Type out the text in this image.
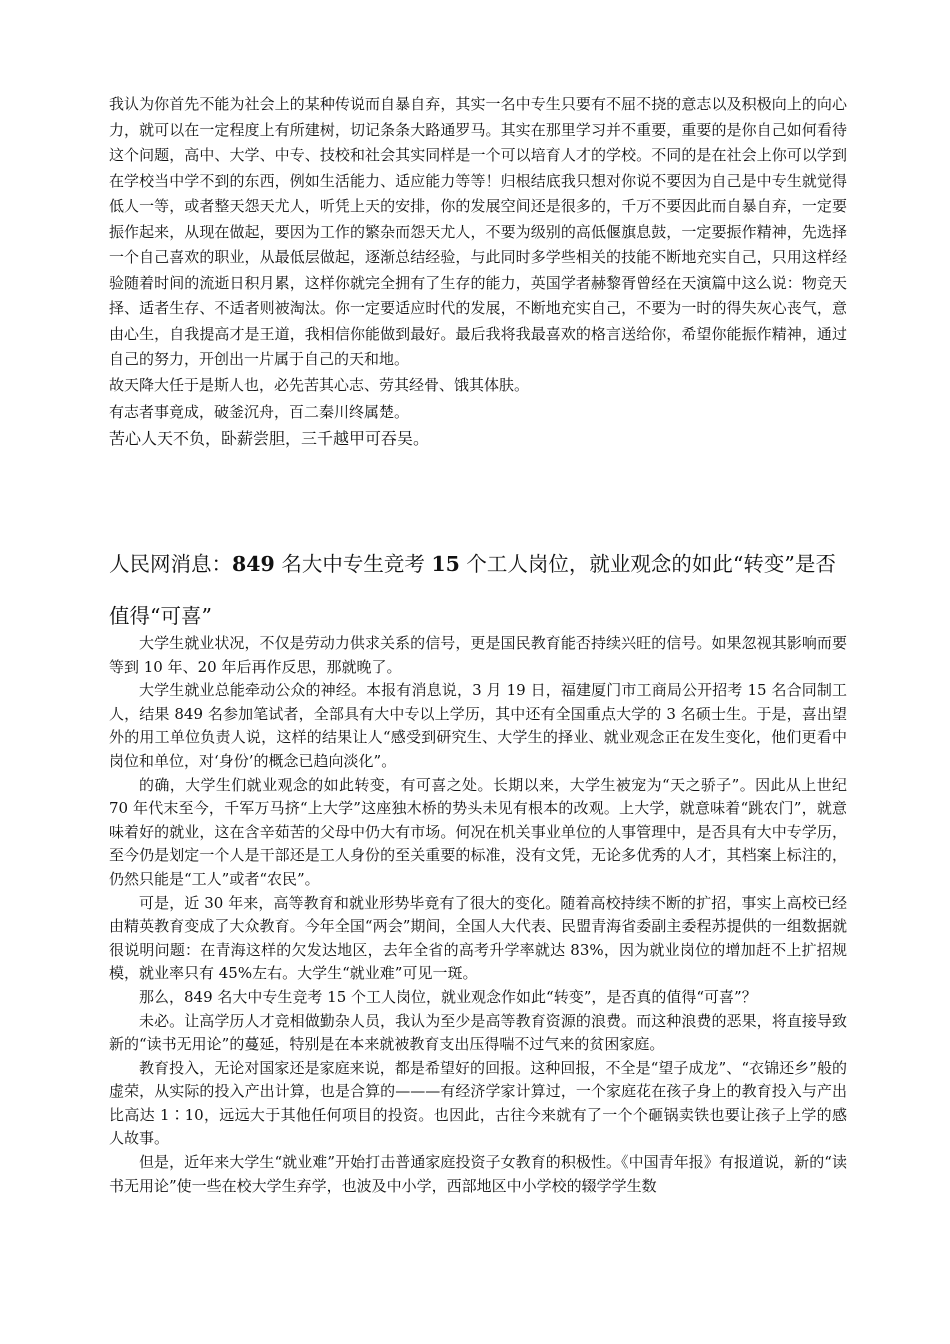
我认为你首先不能为社会上的某种传说而自暴自弃，其实一名中专生只要有不屈不挠的意志以及积极向上的向心力，就可以在一定程度上有所建树，切记条条大路通罗马。其实在那里学习并不重要，重要的是你自己如何看待这个问题，高中、大学、中专、技校和社会其实同样是一个可以培育人才的学校。不同的是在社会上你可以学到在学校当中学不到的东西，例如生活能力、适应能力等等！归根结底我只想对你说不要因为自己是中专生就觉得低人一等，或者整天怨天尤人，听凭上天的安排，你的发展空间还是很多的，千万不要因此而自暴自弃，一定要振作起来，从现在做起，要因为工作的繁杂而怨天尤人，不要为级别的高低偃旗息鼓，一定要振作精神，先选择一个自己喜欢的职业，从最低层做起，逐渐总结经验，与此同时多学些相关的技能不断地充实自己，只用这样经验随着时间的流逝日积月累，这样你就完全拥有了生存的能力，英国学者赫黎胥曾经在天演篇中这么说：物竞天择、适者生存、不适者则被淘汰。你一定要适应时代的发展，不断地充实自己，不要为一时的得失灰心丧气，意由心生，自我提高才是王道，我相信你能做到最好。最后我将我最喜欢的格言送给你，希望你能振作精神，通过自己的努力，开创出一片属于自己的天和地。

故天降大任于是斯人也，必先苦其心志、劳其经骨、饿其体肤。

有志者事竟成，破釜沉舟，百二秦川终属楚。

苦心人天不负，卧薪尝胆，三千越甲可吞吴。

人民网消息：849 名大中专生竞考 15 个工人岗位，就业观念的如此“转变”是否值得“可喜”

大学生就业状况，不仅是劳动力供求关系的信号，更是国民教育能否持续兴旺的信号。如果忽视其影响而要等到 10 年、20 年后再作反思，那就晚了。

大学生就业总能牵动公众的神经。本报有消息说，3 月 19 日，福建厦门市工商局公开招考 15 名合同制工人，结果 849 名参加笔试者，全部具有大中专以上学历，其中还有全国重点大学的 3 名硕士生。于是，喜出望外的用工单位负责人说，这样的结果让人“感受到研究生、大学生的择业、就业观念正在发生变化，他们更看中岗位和单位，对‘身份’的概念已趋向淡化”。

的确，大学生们就业观念的如此转变，有可喜之处。长期以来，大学生被宠为“天之骄子”。因此从上世纪 70 年代末至今，千军万马挤“上大学”这座独木桥的势头未见有根本的改观。上大学，就意味着“跳农门”，就意味着好的就业，这在含辛茹苦的父母中仍大有市场。何况在机关事业单位的人事管理中，是否具有大中专学历，至今仍是划定一个人是干部还是工人身份的至关重要的标准，没有文凭，无论多优秀的人才，其档案上标注的，仍然只能是“工人”或者“农民”。

可是，近 30 年来，高等教育和就业形势毕竟有了很大的变化。随着高校持续不断的扩招，事实上高校已经由精英教育变成了大众教育。今年全国“两会”期间，全国人大代表、民盟青海省委副主委程苏提供的一组数据就很说明问题：在青海这样的欠发达地区，去年全省的高考升学率就达 83%，因为就业岗位的增加赶不上扩招规模，就业率只有 45%左右。大学生“就业难”可见一斑。

那么，849 名大中专生竞考 15 个工人岗位，就业观念作如此“转变”，是否真的值得“可喜”？

未必。让高学历人才竞相做勤杂人员，我认为至少是高等教育资源的浪费。而这种浪费的恶果，将直接导致新的“读书无用论”的蔓延，特别是在本来就被教育支出压得喘不过气来的贫困家庭。

教育投入，无论对国家还是家庭来说，都是希望好的回报。这种回报，不全是“望子成龙”、“衣锦还乡”般的虚荣，从实际的投入产出计算，也是合算的———有经济学家计算过，一个家庭花在孩子身上的教育投入与产出比高达 1∶10，远远大于其他任何项目的投资。也因此，古往今来就有了一个个砸锅卖铁也要让孩子上学的感人故事。

但是，近年来大学生“就业难”开始打击普通家庭投资子女教育的积极性。《中国青年报》有报道说，新的“读书无用论”使一些在校大学生弃学，也波及中小学，西部地区中小学校的辍学学生数
